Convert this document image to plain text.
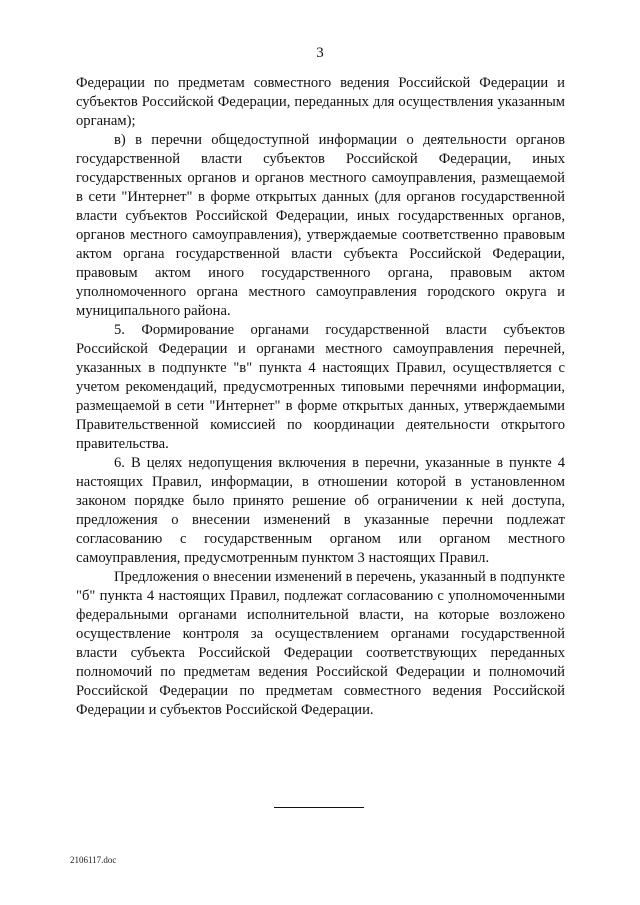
3

Федерации по предметам совместного ведения Российской Федерации и субъектов Российской Федерации, переданных для осуществления указанным органам);

в) в перечни общедоступной информации о деятельности органов государственной власти субъектов Российской Федерации, иных государственных органов и органов местного самоуправления, размещаемой в сети "Интернет" в форме открытых данных (для органов государственной власти субъектов Российской Федерации, иных государственных органов, органов местного самоуправления), утверждаемые соответственно правовым актом органа государственной власти субъекта Российской Федерации, правовым актом иного государственного органа, правовым актом уполномоченного органа местного самоуправления городского округа и муниципального района.

5. Формирование органами государственной власти субъектов Российской Федерации и органами местного самоуправления перечней, указанных в подпункте "в" пункта 4 настоящих Правил, осуществляется с учетом рекомендаций, предусмотренных типовыми перечнями информации, размещаемой в сети "Интернет" в форме открытых данных, утверждаемыми Правительственной комиссией по координации деятельности открытого правительства.

6. В целях недопущения включения в перечни, указанные в пункте 4 настоящих Правил, информации, в отношении которой в установленном законом порядке было принято решение об ограничении к ней доступа, предложения о внесении изменений в указанные перечни подлежат согласованию с государственным органом или органом местного самоуправления, предусмотренным пунктом 3 настоящих Правил.

Предложения о внесении изменений в перечень, указанный в подпункте "б" пункта 4 настоящих Правил, подлежат согласованию с уполномоченными федеральными органами исполнительной власти, на которые возложено осуществление контроля за осуществлением органами государственной власти субъекта Российской Федерации соответствующих переданных полномочий по предметам ведения Российской Федерации и полномочий Российской Федерации по предметам совместного ведения Российской Федерации и субъектов Российской Федерации.

2106117.doc
